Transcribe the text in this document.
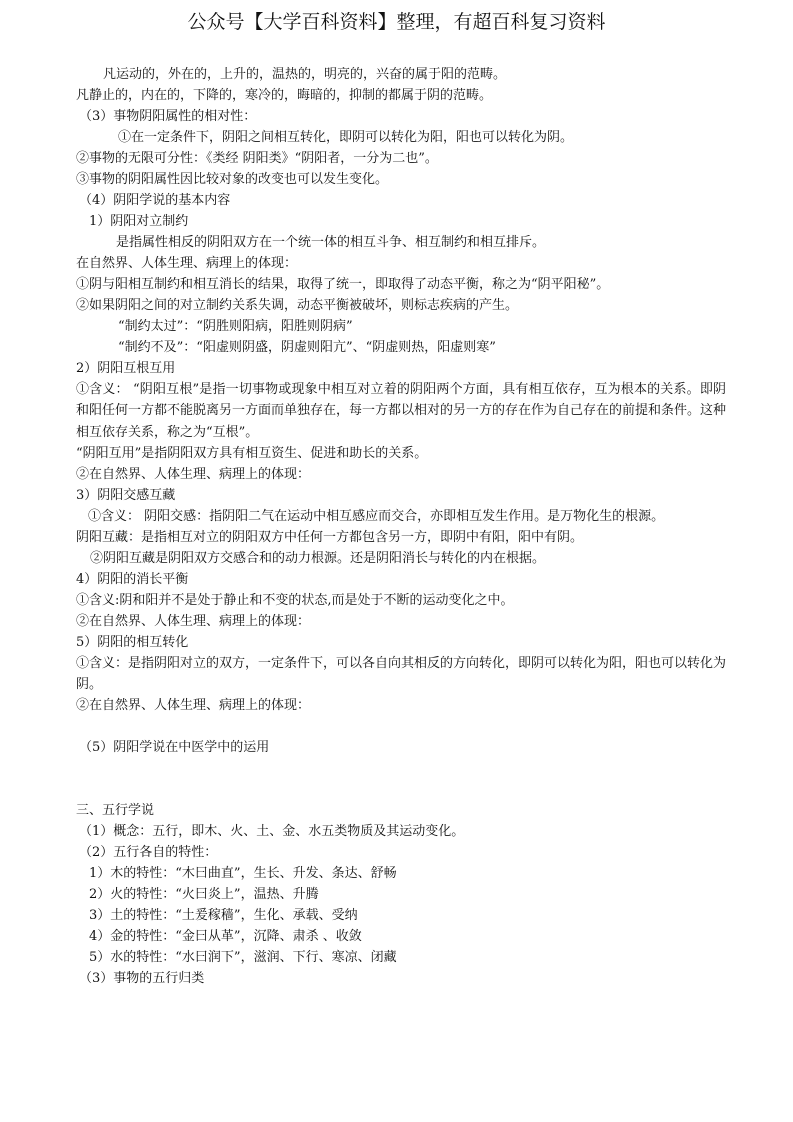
公众号【大学百科资料】整理，有超百科复习资料
凡运动的，外在的，上升的，温热的，明亮的，兴奋的属于阳的范畴。
凡静止的，内在的，下降的，寒冷的，晦暗的，抑制的都属于阴的范畴。
（3）事物阴阳属性的相对性：
①在一定条件下，阴阳之间相互转化，即阴可以转化为阳，阳也可以转化为阴。
②事物的无限可分性：《类经 阴阳类》“阴阳者，一分为二也”。
③事物的阴阳属性因比较对象的改变也可以发生变化。
（4）阴阳学说的基本内容
1）阴阳对立制约
是指属性相反的阴阳双方在一个统一体的相互斗争、相互制约和相互排斥。
在自然界、人体生理、病理上的体现：
①阴与阳相互制约和相互消长的结果，取得了统一，即取得了动态平衡，称之为“阴平阳秘”。
②如果阴阳之间的对立制约关系失调，动态平衡被破坏，则标志疾病的产生。
“制约太过”：“阴胜则阳病，阳胜则阴病”
“制约不及”：“阳虚则阴盛，阴虚则阳亢”、“阴虚则热，阳虚则寒”
2）阴阳互根互用
①含义： “阴阳互根”是指一切事物或现象中相互对立着的阴阳两个方面，具有相互依存，互为根本的关系。即阴和阳任何一方都不能脱离另一方面而单独存在，每一方都以相对的另一方的存在作为自己存在的前提和条件。这种相互依存关系，称之为“互根”。
“阴阳互用”是指阴阳双方具有相互资生、促进和助长的关系。
②在自然界、人体生理、病理上的体现：
3）阴阳交感互藏
①含义： 阴阳交感：指阴阳二气在运动中相互感应而交合，亦即相互发生作用。是万物化生的根源。
阴阳互藏：是指相互对立的阴阳双方中任何一方都包含另一方，即阴中有阳，阳中有阴。
②阴阳互藏是阴阳双方交感合和的动力根源。还是阴阳消长与转化的内在根据。
4）阴阳的消长平衡
①含义:阴和阳并不是处于静止和不变的状态,而是处于不断的运动变化之中。
②在自然界、人体生理、病理上的体现：
5）阴阳的相互转化
①含义：是指阴阳对立的双方，一定条件下，可以各自向其相反的方向转化，即阴可以转化为阳，阳也可以转化为阴。
②在自然界、人体生理、病理上的体现：
（5）阴阳学说在中医学中的运用
三、五行学说
（1）概念：五行，即木、火、土、金、水五类物质及其运动变化。
（2）五行各自的特性：
1）木的特性：“木曰曲直”，生长、升发、条达、舒畅
2）火的特性：“火曰炎上”，温热、升腾
3）土的特性：“土爰稼穑”，生化、承载、受纳
4）金的特性：“金曰从革”，沉降、肃杀 、收敛
5）水的特性：“水曰润下”，滋润、下行、寒凉、闭藏
（3）事物的五行归类
